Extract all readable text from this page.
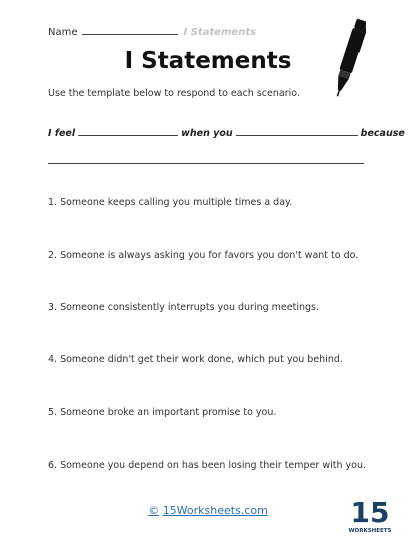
Name	I Statements
I Statements
Use the template below to respond to each scenario.
I feel	when you	because
1. Someone keeps calling you multiple times a day.
2. Someone is always asking you for favors you don't want to do.
3. Someone consistently interrupts you during meetings.
4. Someone didn't get their work done, which put you behind.
5. Someone broke an important promise to you.
6. Someone you depend on has been losing their temper with you.
© 15Worksheets.com	15
WORKSHEETS
